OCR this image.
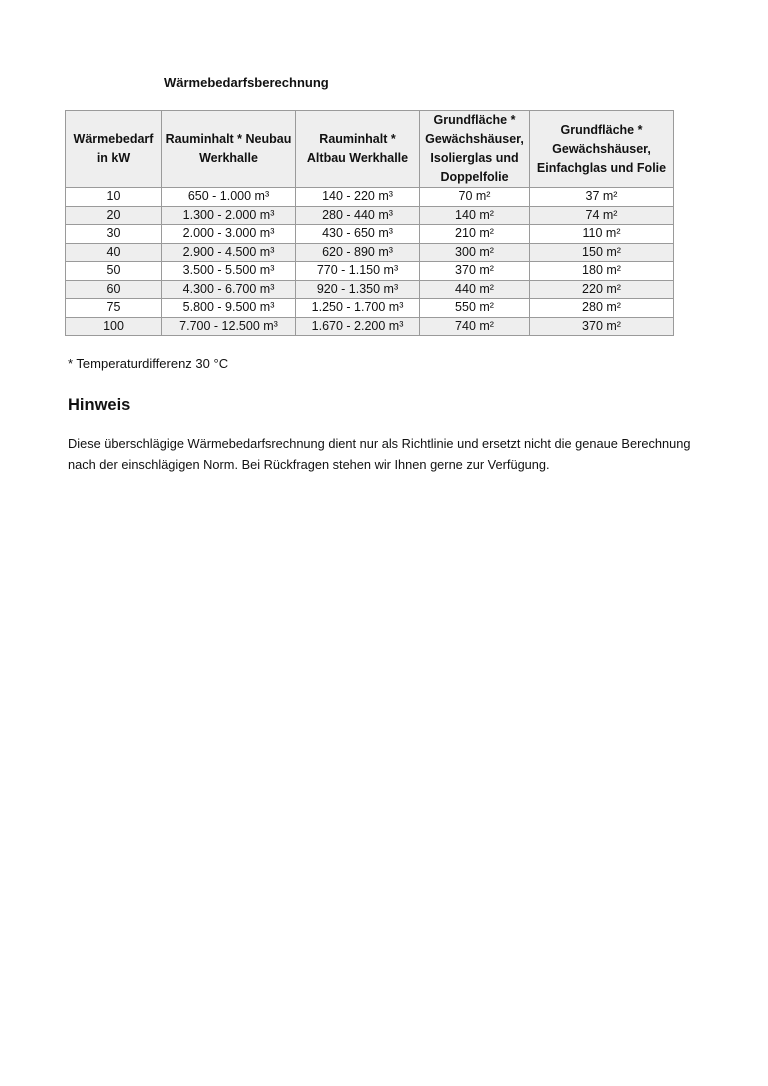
Wärmebedarfsberechnung
Wärmebedarf in kW	Rauminhalt * Neubau Werkhalle	Rauminhalt * Altbau Werkhalle	Grundfläche * Gewächshäuser, Isolierglas und Doppelfolie	Grundfläche * Gewächshäuser, Einfachglas und Folie
10	650 - 1.000 m³	140 - 220 m³	70 m²	37 m²
20	1.300 - 2.000 m³	280 - 440 m³	140 m²	74 m²
30	2.000 - 3.000 m³	430 - 650 m³	210 m²	110 m²
40	2.900 - 4.500 m³	620 - 890 m³	300 m²	150 m²
50	3.500 - 5.500 m³	770 - 1.150 m³	370 m²	180 m²
60	4.300 - 6.700 m³	920 - 1.350 m³	440 m²	220 m²
75	5.800 - 9.500 m³	1.250 - 1.700 m³	550 m²	280 m²
100	7.700 - 12.500 m³	1.670 - 2.200 m³	740 m²	370 m²
* Temperaturdifferenz 30 °C
Hinweis
Diese überschlägige Wärmebedarfsrechnung dient nur als Richtlinie und ersetzt nicht die genaue Berechnung nach der einschlägigen Norm. Bei Rückfragen stehen wir Ihnen gerne zur Verfügung.
